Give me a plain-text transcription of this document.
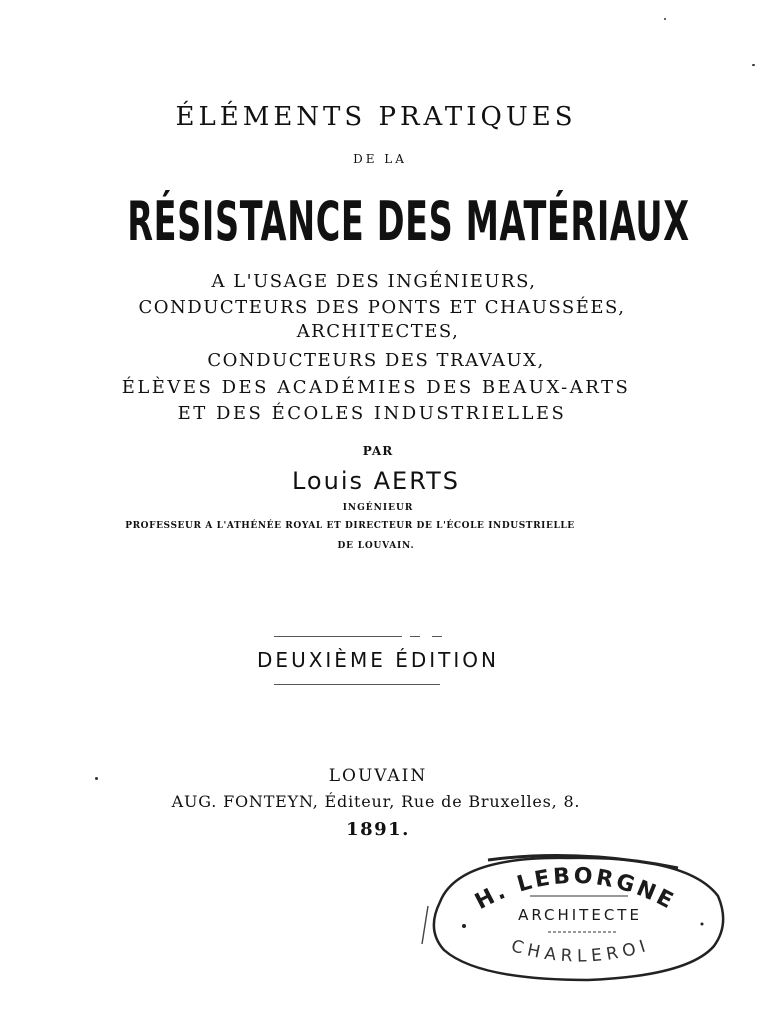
ÉLÉMENTS PRATIQUES
DE LA
RÉSISTANCE DES MATÉRIAUX
A L'USAGE DES INGÉNIEURS,
CONDUCTEURS DES PONTS ET CHAUSSÉES,
ARCHITECTES,
CONDUCTEURS DES TRAVAUX,
ÉLÈVES DES ACADÉMIES DES BEAUX-ARTS
ET DES ÉCOLES INDUSTRIELLES
PAR
Louis AERTS
INGÉNIEUR
PROFESSEUR A L'ATHÉNÉE ROYAL ET DIRECTEUR DE L'ÉCOLE INDUSTRIELLE
DE LOUVAIN.
DEUXIÈME ÉDITION
LOUVAIN
AUG. FONTEYN, Éditeur, Rue de Bruxelles, 8.
1891.
H. LEBORGNE
ARCHITECTE
CHARLEROI
